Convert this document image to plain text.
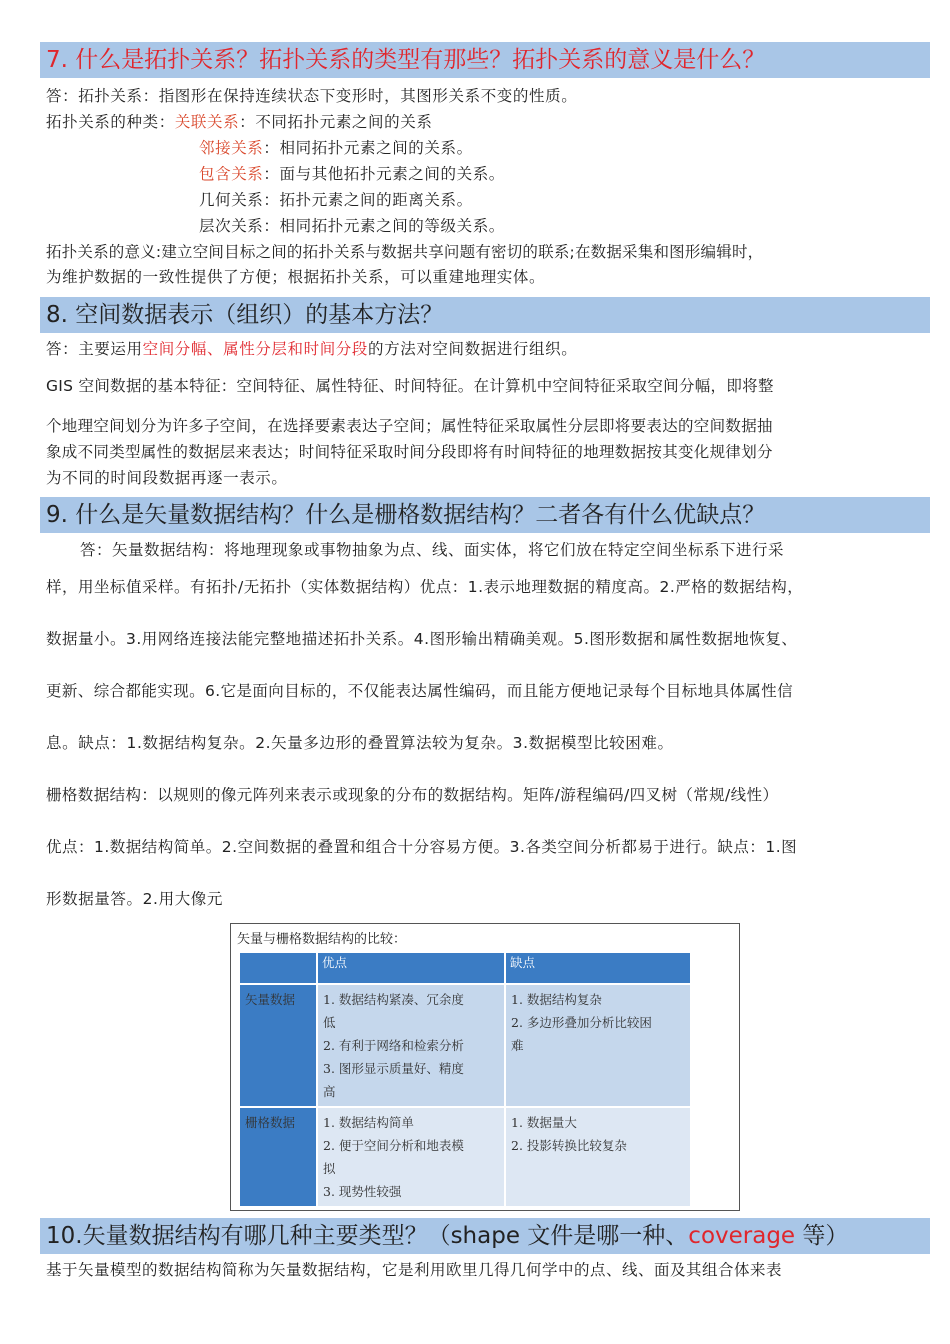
7. 什么是拓扑关系？拓扑关系的类型有那些？拓扑关系的意义是什么？
答：拓扑关系：指图形在保持连续状态下变形时，其图形关系不变的性质。
拓扑关系的种类：关联关系：不同拓扑元素之间的关系
邻接关系：相同拓扑元素之间的关系。
包含关系：面与其他拓扑元素之间的关系。
几何关系：拓扑元素之间的距离关系。
层次关系：相同拓扑元素之间的等级关系。
拓扑关系的意义:建立空间目标之间的拓扑关系与数据共享问题有密切的联系;在数据采集和图形编辑时，
为维护数据的一致性提供了方便；根据拓扑关系，可以重建地理实体。
8. 空间数据表示（组织）的基本方法？
答：主要运用空间分幅、属性分层和时间分段的方法对空间数据进行组织。
GIS 空间数据的基本特征：空间特征、属性特征、时间特征。在计算机中空间特征采取空间分幅，即将整
个地理空间划分为许多子空间，在选择要素表达子空间；属性特征采取属性分层即将要表达的空间数据抽
象成不同类型属性的数据层来表达；时间特征采取时间分段即将有时间特征的地理数据按其变化规律划分
为不同的时间段数据再逐一表示。
9. 什么是矢量数据结构？什么是栅格数据结构？二者各有什么优缺点？
答：矢量数据结构：将地理现象或事物抽象为点、线、面实体，将它们放在特定空间坐标系下进行采
样，用坐标值采样。有拓扑/无拓扑（实体数据结构）优点：1.表示地理数据的精度高。2.严格的数据结构，
数据量小。3.用网络连接法能完整地描述拓扑关系。4.图形输出精确美观。5.图形数据和属性数据地恢复、
更新、综合都能实现。6.它是面向目标的，不仅能表达属性编码，而且能方便地记录每个目标地具体属性信
息。缺点：1.数据结构复杂。2.矢量多边形的叠置算法较为复杂。3.数据模型比较困难。
栅格数据结构：以规则的像元阵列来表示或现象的分布的数据结构。矩阵/游程编码/四叉树（常规/线性）
优点：1.数据结构简单。2.空间数据的叠置和组合十分容易方便。3.各类空间分析都易于进行。缺点：1.图
形数据量答。2.用大像元
矢量与栅格数据结构的比较：
	优点	缺点
矢量数据	1. 数据结构紧凑、冗余度
低
2. 有利于网络和检索分析
3. 图形显示质量好、精度
高	1. 数据结构复杂
2. 多边形叠加分析比较困
难

栅格数据	1. 数据结构简单
2. 便于空间分析和地表模
拟
3. 现势性较强	1. 数据量大
2. 投影转换比较复杂
10.矢量数据结构有哪几种主要类型？（shape 文件是哪一种、coverage 等）
基于矢量模型的数据结构简称为矢量数据结构，它是利用欧里几得几何学中的点、线、面及其组合体来表
